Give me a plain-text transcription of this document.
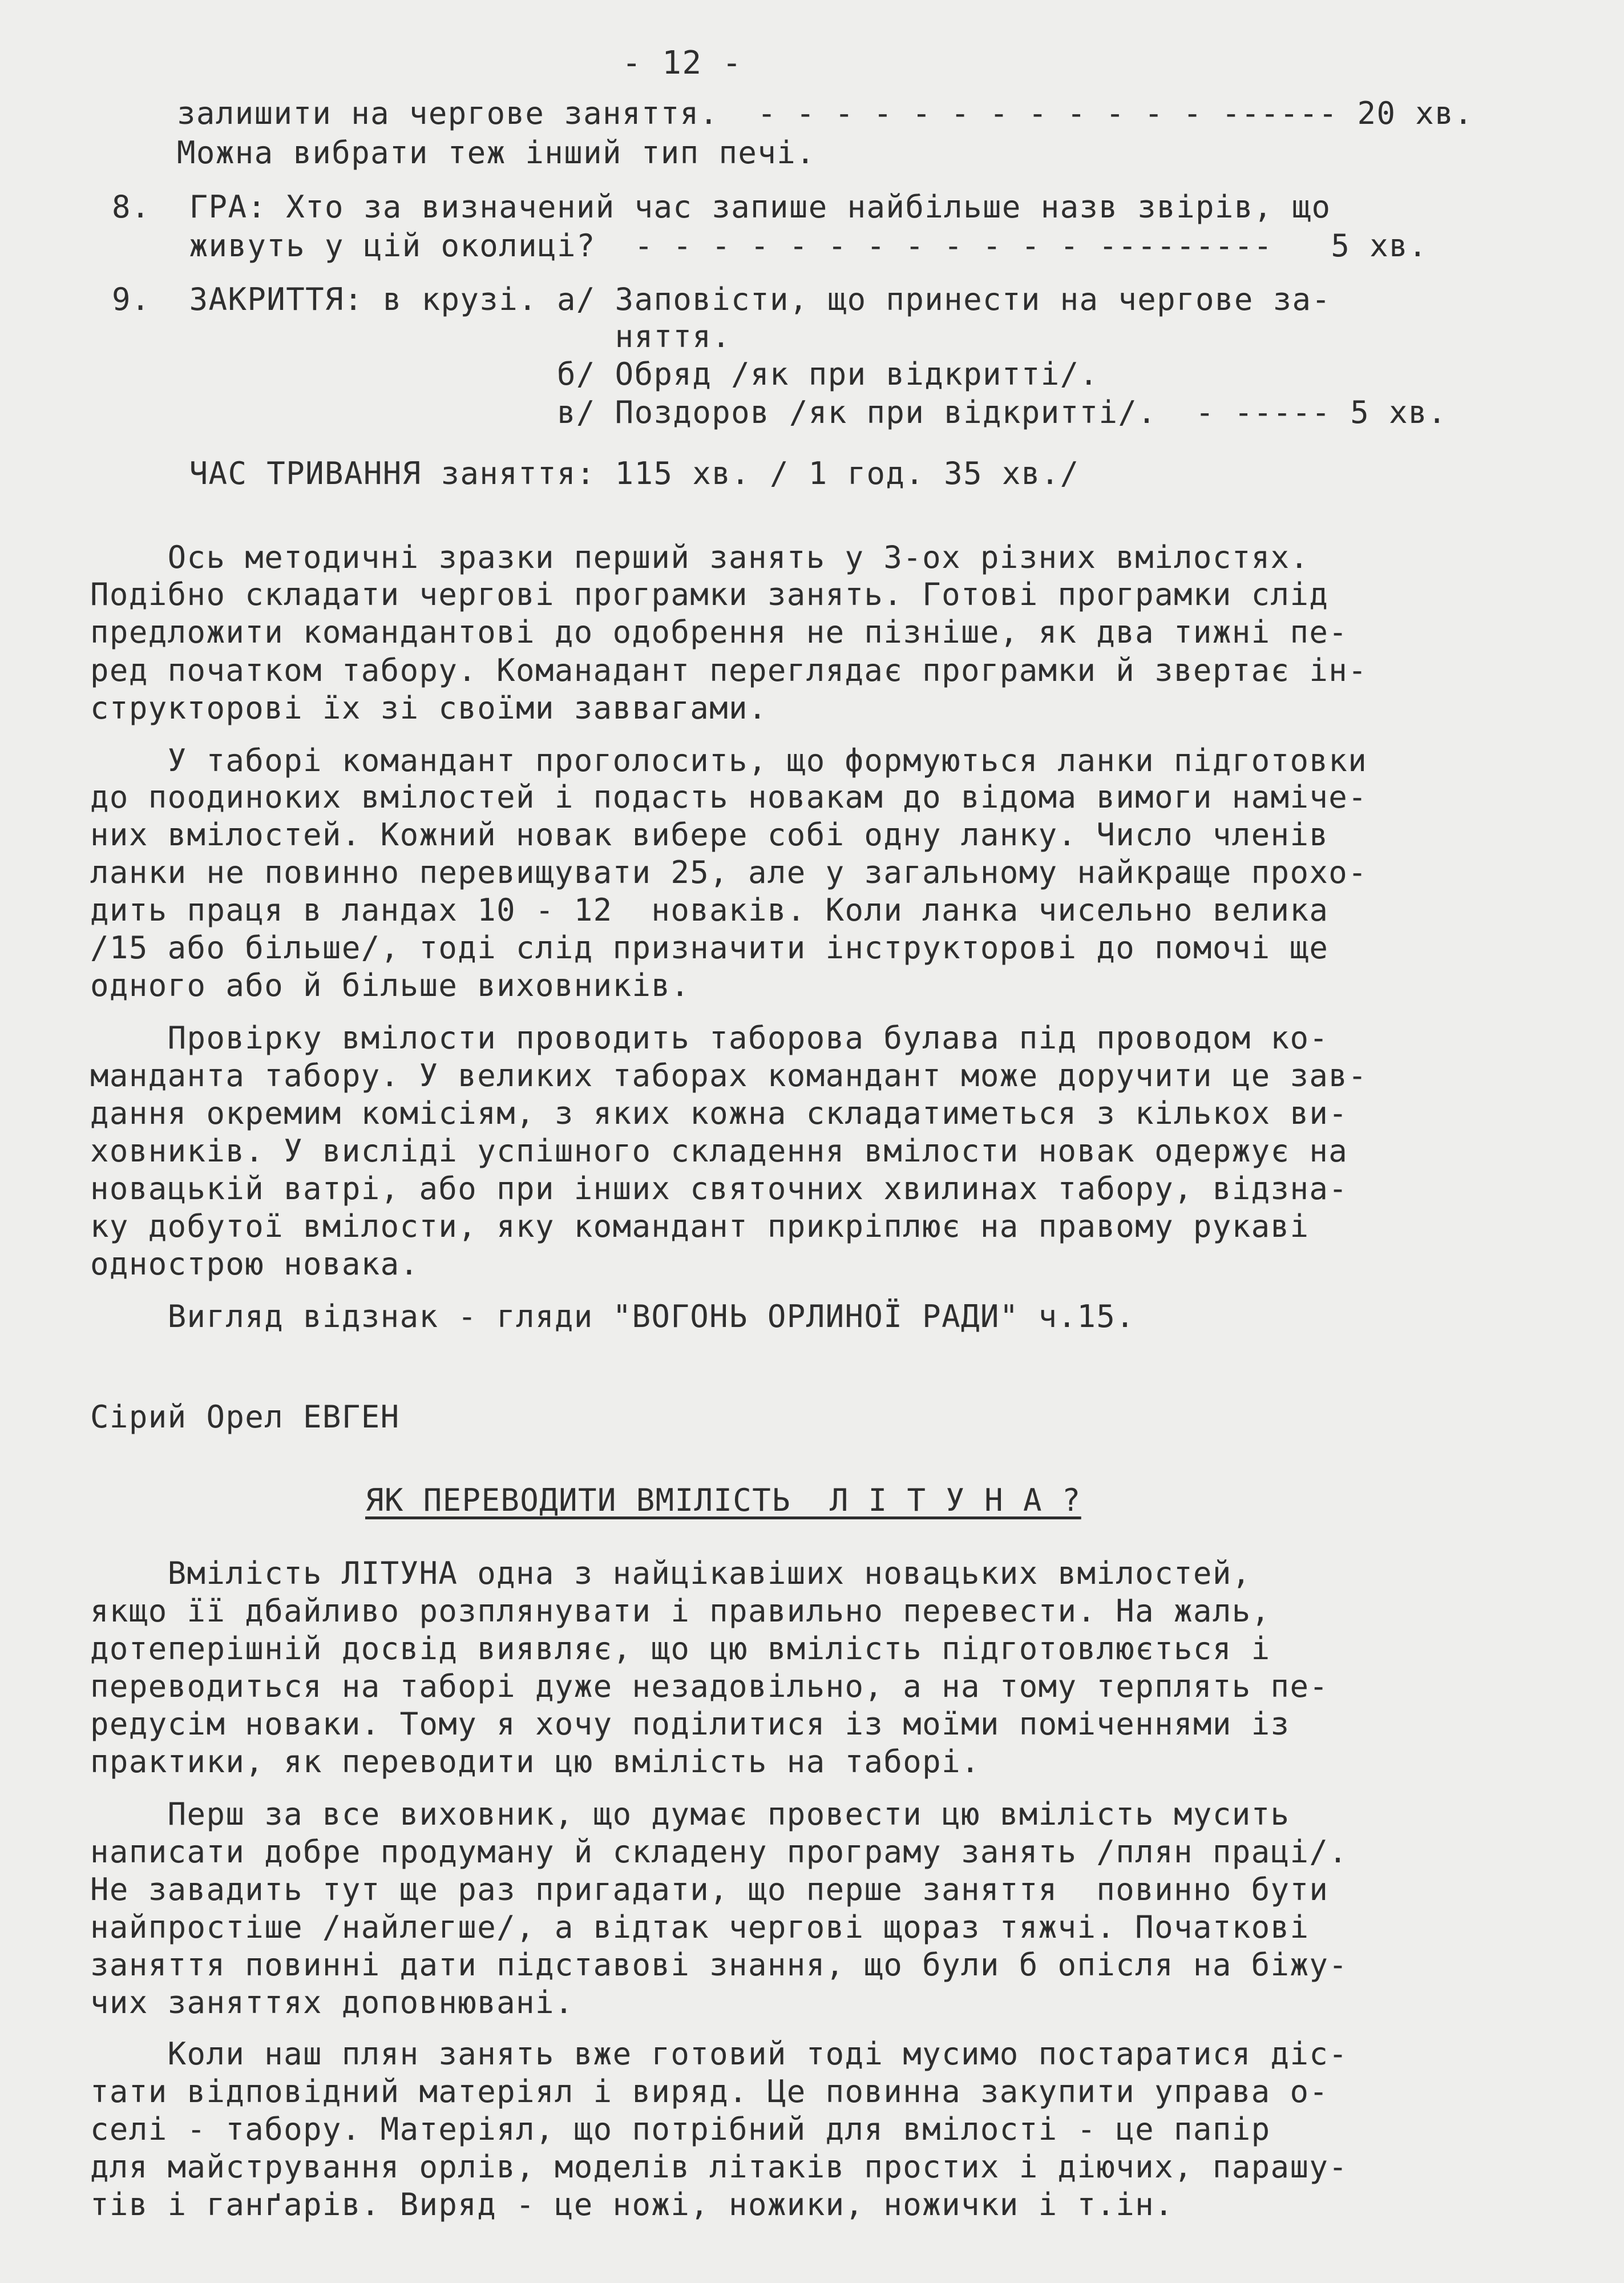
- 12 -

залишити на чергове заняття.  - - - - - - - - - - - - ------ 20 хв.

Можна вибрати теж інший тип печі.

8.  ГРА: Хто за визначений час запише найбільше назв звірів, що

живуть у цій околиці?  - - - - - - - - - - - - ---------   5 хв.

9.  ЗАКРИТТЯ: в крузі. а/ Заповісти, що принести на чергове за-

няття.

б/ Обряд /як при відкритті/.

в/ Поздоров /як при відкритті/.  - ----- 5 хв.

ЧАС ТРИВАННЯ заняття: 115 хв. / 1 год. 35 хв./

Ось методичні зразки перший занять у 3-ох різних вмілостях.

Подібно складати чергові програмки занять. Готові програмки слід

предложити командантові до одобрення не пізніше, як два тижні пе-

ред початком табору. Команадант переглядає програмки й звертає ін-

структорові їх зі своїми заввагами.

У таборі командант проголосить, що формуються ланки підготовки

до поодиноких вмілостей і подасть новакам до відома вимоги наміче-

них вмілостей. Кожний новак вибере собі одну ланку. Число членів

ланки не повинно перевищувати 25, але у загальному найкраще прохо-

дить праця в ландах 10 - 12  новаків. Коли ланка чисельно велика

/15 або більше/, тоді слід призначити інструкторові до помочі ще

одного або й більше виховників.

Провірку вмілости проводить таборова булава під проводом ко-

манданта табору. У великих таборах командант може доручити це зав-

дання окремим комісіям, з яких кожна складатиметься з кількох ви-

ховників. У висліді успішного складення вмілости новак одержує на

новацькій ватрі, або при інших святочних хвилинах табору, відзна-

ку добутої вмілости, яку командант прикріплює на правому рукаві

однострою новака.

Вигляд відзнак - гляди "ВОГОНЬ ОРЛИНОЇ РАДИ" ч.15.

Сірий Орел ЕВГЕН

ЯК ПЕРЕВОДИТИ ВМІЛІСТЬ  Л І Т У Н А ?

Вміліcть ЛІТУНА одна з найцікавіших новацьких вмілостей,

якщо її дбайливо розплянувати і правильно перевести. На жаль,

дотеперішній досвід виявляє, що цю вмілість підготовлюється і

переводиться на таборі дуже незадовільно, а на тому терплять пе-

редусім новаки. Тому я хочу поділитися із моїми поміченнями із

практики, як переводити цю вмілість на таборі.

Перш за все виховник, що думає провести цю вмілість мусить

написати добре продуману й складену програму занять /плян праці/.

Не завадить тут ще раз пригадати, що перше заняття  повинно бути

найпростіше /найлегше/, а відтак чергові щораз тяжчі. Початкові

заняття повинні дати підставові знання, що були б опісля на біжу-

чих заняттях доповнювані.

Коли наш плян занять вже готовий тоді мусимо постаратися діс-

тати відповідний матеріял і виряд. Це повинна закупити управа о-

селі - табору. Матеріял, що потрібний для вмілості - це папір

для майстрування орлів, моделів літаків простих і діючих, парашу-

тів і ганґарів. Виряд - це ножі, ножики, ножички і т.ін.
